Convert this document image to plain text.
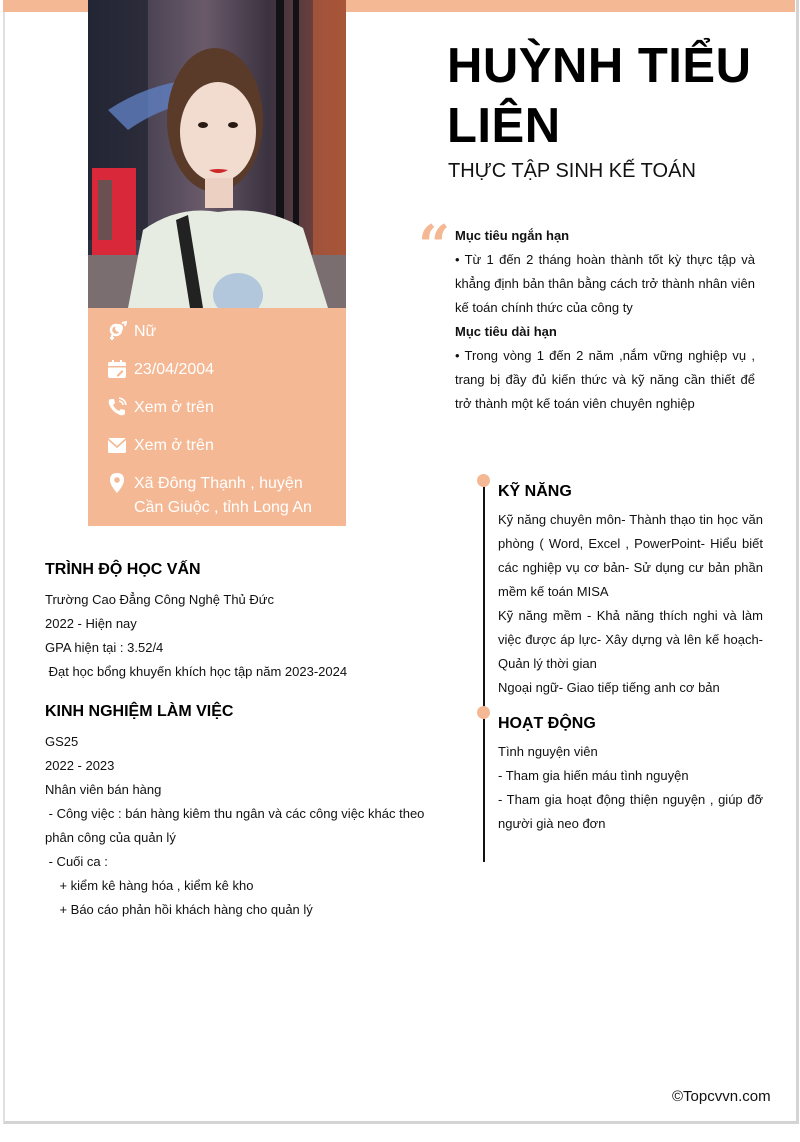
Nữ
23/04/2004
Xem ở trên
Xem ở trên
Xã Đông Thạnh , huyện Cần Giuộc , tỉnh Long An
HUỲNH TIỂU
LIÊN
THỰC TẬP SINH KẾ TOÁN
“ Mục tiêu ngắn hạn

• Từ 1 đến 2 tháng hoàn thành tốt kỳ thực tập và khẳng định bản thân bằng cách trở thành nhân viên kế toán chính thức của công ty

Mục tiêu dài hạn

• Trong vòng 1 đến 2 năm ,nắm vững nghiệp vụ , trang bị đầy đủ kiến thức và kỹ năng cần thiết để trở thành một kế toán viên chuyên nghiệp

TRÌNH ĐỘ HỌC VẤN

Trường Cao Đẳng Công Nghệ Thủ Đức

2022 - Hiện nay

GPA hiện tại : 3.52/4

Đạt học bổng khuyến khích học tập năm 2023-2024

KINH NGHIỆM LÀM VIỆC

GS25

2022 - 2023

Nhân viên bán hàng

- Công việc : bán hàng kiêm thu ngân và các công việc khác theo phân công của quản lý

- Cuối ca :

+ kiểm kê hàng hóa , kiểm kê kho

+ Báo cáo phản hồi khách hàng cho quản lý

KỸ NĂNG

Kỹ năng chuyên môn- Thành thạo tin học văn phòng ( Word, Excel , PowerPoint- Hiểu biết các nghiệp vụ cơ bản- Sử dụng cư bản phần mềm kế toán MISA

Kỹ năng mềm - Khả năng thích nghi và làm việc được áp lực- Xây dựng và lên kế hoạch- Quản lý thời gian

Ngoại ngữ- Giao tiếp tiếng anh cơ bản

HOẠT ĐỘNG

Tình nguyện viên

- Tham gia hiến máu tình nguyện

- Tham gia hoạt động thiện nguyện , giúp đỡ người già neo đơn

©Topcvvn.com
